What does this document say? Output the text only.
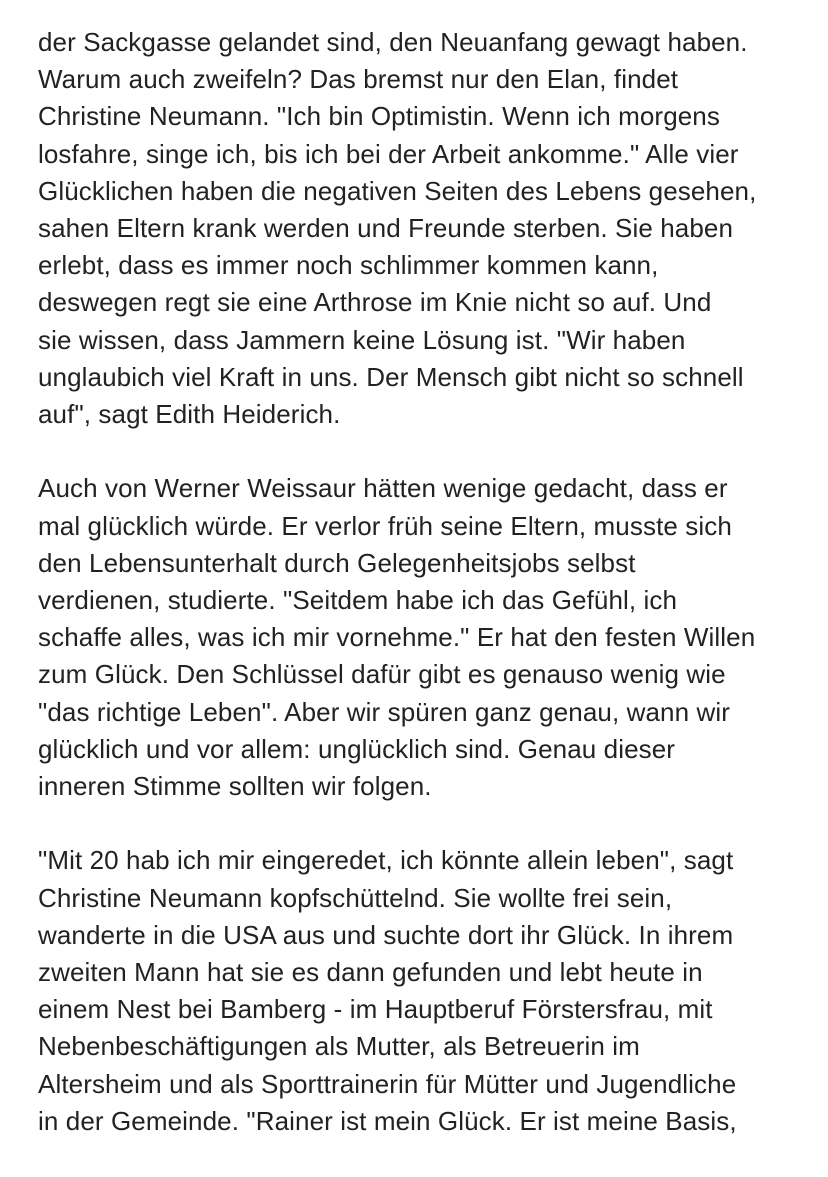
der Sackgasse gelandet sind, den Neuanfang gewagt haben.
Warum auch zweifeln? Das bremst nur den Elan, findet
Christine Neumann. "Ich bin Optimistin. Wenn ich morgens
losfahre, singe ich, bis ich bei der Arbeit ankomme." Alle vier
Glücklichen haben die negativen Seiten des Lebens gesehen,
sahen Eltern krank werden und Freunde sterben. Sie haben
erlebt, dass es immer noch schlimmer kommen kann,
deswegen regt sie eine Arthrose im Knie nicht so auf. Und
sie wissen, dass Jammern keine Lösung ist. "Wir haben
unglaubich viel Kraft in uns. Der Mensch gibt nicht so schnell
auf", sagt Edith Heiderich.

Auch von Werner Weissaur hätten wenige gedacht, dass er
mal glücklich würde. Er verlor früh seine Eltern, musste sich
den Lebensunterhalt durch Gelegenheitsjobs selbst
verdienen, studierte. "Seitdem habe ich das Gefühl, ich
schaffe alles, was ich mir vornehme." Er hat den festen Willen
zum Glück. Den Schlüssel dafür gibt es genauso wenig wie
"das richtige Leben". Aber wir spüren ganz genau, wann wir
glücklich und vor allem: unglücklich sind. Genau dieser
inneren Stimme sollten wir folgen.

"Mit 20 hab ich mir eingeredet, ich könnte allein leben", sagt
Christine Neumann kopfschüttelnd. Sie wollte frei sein,
wanderte in die USA aus und suchte dort ihr Glück. In ihrem
zweiten Mann hat sie es dann gefunden und lebt heute in
einem Nest bei Bamberg - im Hauptberuf Förstersfrau, mit
Nebenbeschäftigungen als Mutter, als Betreuerin im
Altersheim und als Sporttrainerin für Mütter und Jugendliche
in der Gemeinde. "Rainer ist mein Glück. Er ist meine Basis,
